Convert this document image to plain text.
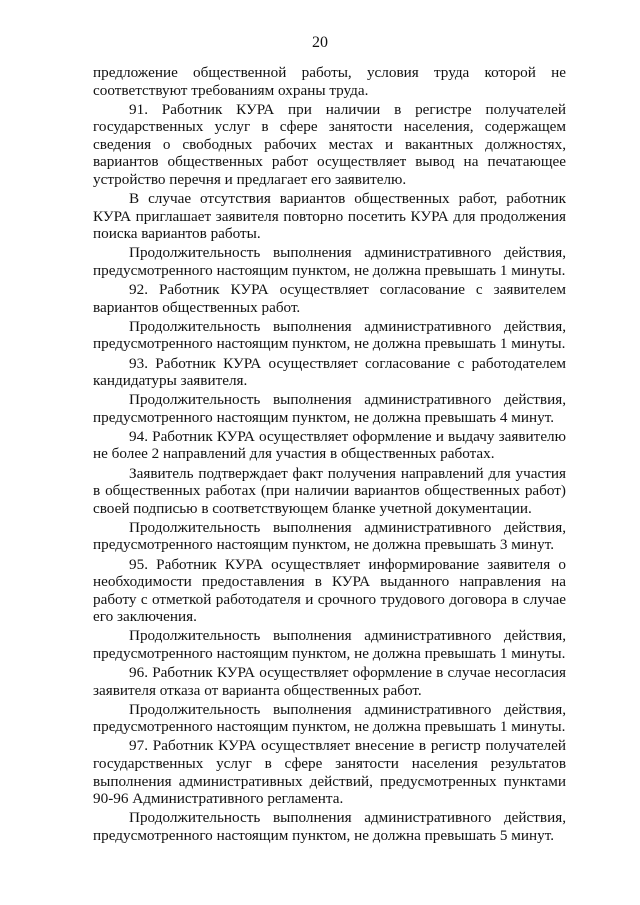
20

предложение общественной работы, условия труда которой не соответствуют требованиям охраны труда.

91. Работник КУРА при наличии в регистре получателей государственных услуг в сфере занятости населения, содержащем сведения о свободных рабочих местах и вакантных должностях, вариантов общественных работ осуществляет вывод на печатающее устройство перечня и предлагает его заявителю.

В случае отсутствия вариантов общественных работ, работник КУРА приглашает заявителя повторно посетить КУРА для продолжения поиска вариантов работы.

Продолжительность выполнения административного действия, предусмотренного настоящим пунктом, не должна превышать 1 минуты.

92. Работник КУРА осуществляет согласование с заявителем вариантов общественных работ.

Продолжительность выполнения административного действия, предусмотренного настоящим пунктом, не должна превышать 1 минуты.

93. Работник КУРА осуществляет согласование с работодателем кандидатуры заявителя.

Продолжительность выполнения административного действия, предусмотренного настоящим пунктом, не должна превышать 4 минут.

94. Работник КУРА осуществляет оформление и выдачу заявителю не более 2 направлений для участия в общественных работах.

Заявитель подтверждает факт получения направлений для участия в общественных работах (при наличии вариантов общественных работ) своей подписью в соответствующем бланке учетной документации.

Продолжительность выполнения административного действия, предусмотренного настоящим пунктом, не должна превышать 3 минут.

95. Работник КУРА осуществляет информирование заявителя о необходимости предоставления в КУРА выданного направления на работу с отметкой работодателя и срочного трудового договора в случае его заключения.

Продолжительность выполнения административного действия, предусмотренного настоящим пунктом, не должна превышать 1 минуты.

96. Работник КУРА осуществляет оформление в случае несогласия заявителя отказа от варианта общественных работ.

Продолжительность выполнения административного действия, предусмотренного настоящим пунктом, не должна превышать 1 минуты.

97. Работник КУРА осуществляет внесение в регистр получателей государственных услуг в сфере занятости населения результатов выполнения административных действий, предусмотренных пунктами 90-96 Административного регламента.

Продолжительность выполнения административного действия, предусмотренного настоящим пунктом, не должна превышать 5 минут.
